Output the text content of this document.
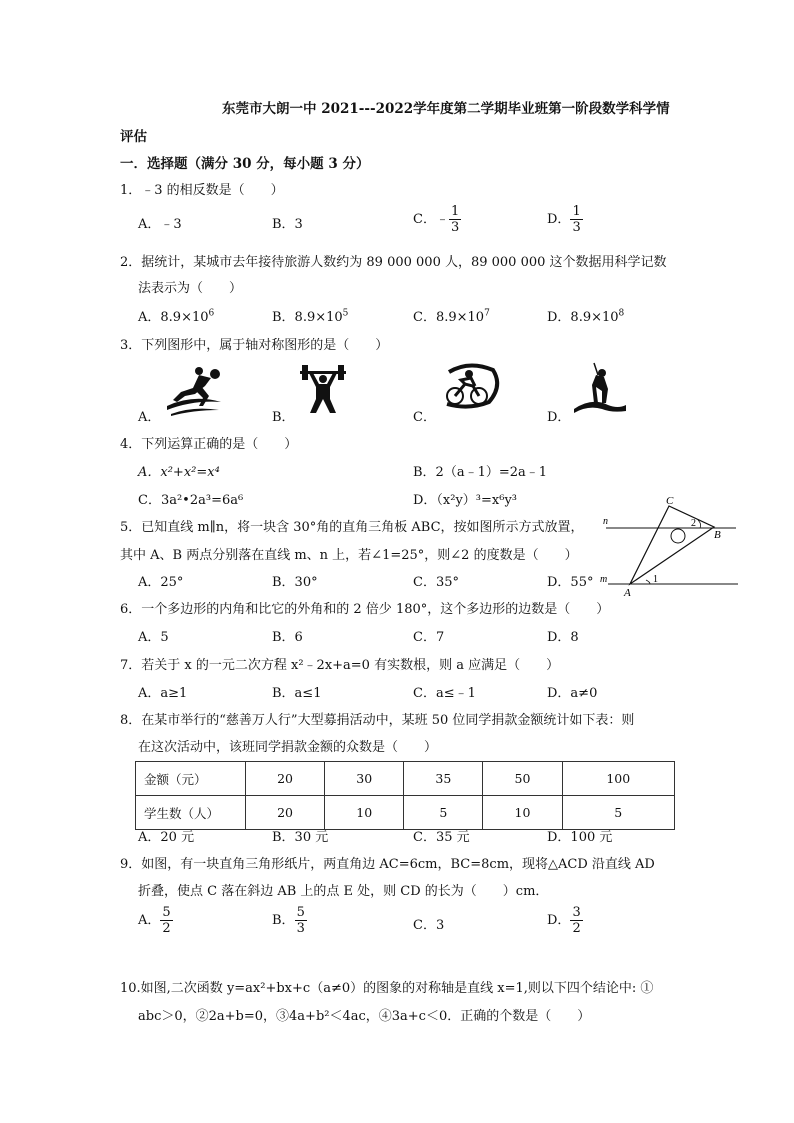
东莞市大朗一中 2021---2022学年度第二学期毕业班第一阶段数学科学情
评估
一．选择题（满分 30 分，每小题 3 分）
1．﹣3 的相反数是（　　）
A．﹣3	B．3	C．﹣ $\frac{1}{3}$	D． $\frac{1}{3}$
2．据统计，某城市去年接待旅游人数约为 89 000 000 人，89 000 000 这个数据用科学记数
法表示为（　　）
A．$8.9\times 10^6$	B．$8.9\times 10^5$	C．$8.9\times 10^7$	D．$8.9\times 10^8$
3．下列图形中，属于轴对称图形的是（　　）
A．	B．	C．	D．
4．下列运算正确的是（　　）
A．x²+x²=x⁴	B．2（a﹣1）=2a﹣1
C．3a²•2a³=6a⁶	D．（x²y）³=x⁶y³
5．已知直线 m∥n，将一块含 30°角的直角三角板 ABC，按如图所示方式放置，
其中 A、B 两点分别落在直线 m、n 上，若∠1=25°，则∠2 的度数是（　　）
A．25°	B．30°	C．35°	D．55°
C
B
A
n
m	1
2
6．一个多边形的内角和比它的外角和的 2 倍少 180°，这个多边形的边数是（　　）
A．5	B．6	C．7	D．8
7．若关于 x 的一元二次方程 x²﹣2x+a=0 有实数根，则 a 应满足（　　）
A．a≥1	B．a≤1	C．a≤﹣1	D．a≠0
8．在某市举行的“慈善万人行”大型募捐活动中，某班 50 位同学捐款金额统计如下表：则
在这次活动中，该班同学捐款金额的众数是（　　）
金额（元）	20	30	35	50	100
学生数（人）	20	10	5	10	5
A．20 元	B．30 元	C．35 元	D．100 元
9．如图，有一块直角三角形纸片，两直角边 AC=6cm，BC=8cm，现将△ACD 沿直线 AD
折叠，使点 C 落在斜边 AB 上的点 E 处，则 CD 的长为（　　）cm．
A． $\frac{5}{2}$	B． $\frac{5}{3}$	C．3	D． $\frac{3}{2}$
10.如图,二次函数 y=ax²+bx+c（a≠0）的图象的对称轴是直线 x=1,则以下四个结论中: ①
abc＞0，②2a+b=0，③4a+b²＜4ac，④3a+c＜0．正确的个数是（　　）
